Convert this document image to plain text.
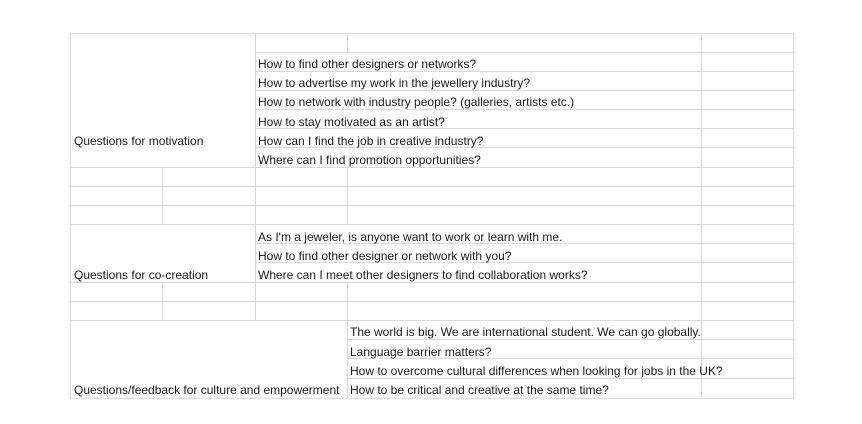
Questions for motivation
How to find other designers or networks?
How to advertise my work in the jewellery industry?
How to network with industry people? (galleries, artists etc.)
How to stay motivated as an artist?
How can I find the job in creative industry?
Where can I find promotion opportunities?
Questions for co-creation
As I'm a jeweler, is anyone want to work or learn with me.
How to find other designer or network with you?
Where can I meet other designers to find collaboration works?
Questions/feedback for culture and empowerment
The world is big. We are international student. We can go globally.
Language barrier matters?
How to overcome cultural differences when looking for jobs in the UK?
How to be critical and creative at the same time?
